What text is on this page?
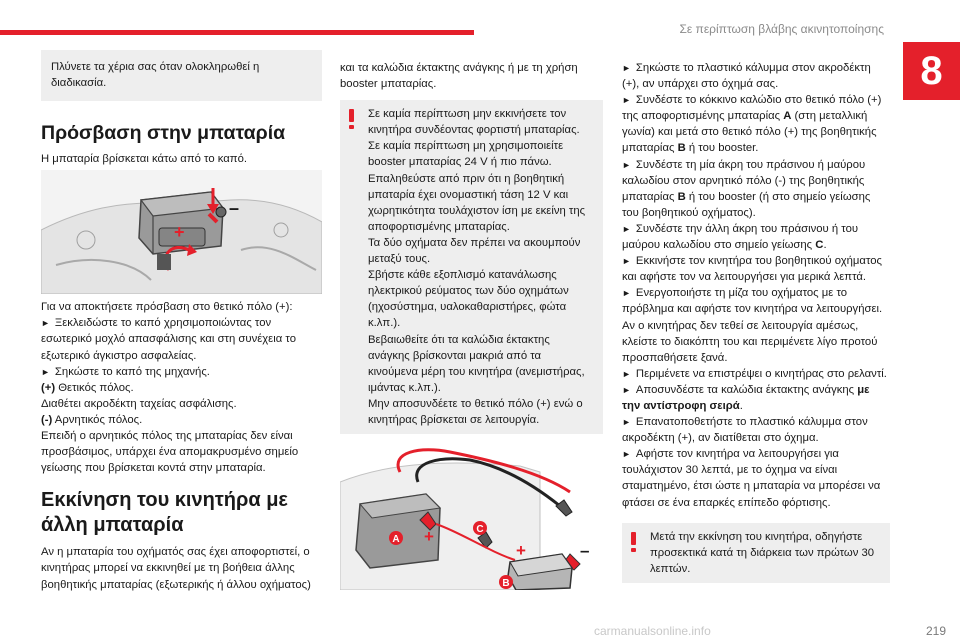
Σε περίπτωση βλάβης ακινητοποίησης
8

Πλύνετε τα χέρια σας όταν ολοκληρωθεί η διαδικασία.

Πρόσβαση στην μπαταρία

Η μπαταρία βρίσκεται κάτω από το καπό.

+
–

Για να αποκτήσετε πρόσβαση στο θετικό πόλο (+):

► Ξεκλειδώστε το καπό χρησιμοποιώντας τον εσωτερικό μοχλό απασφάλισης και στη συνέχεια το εξωτερικό άγκιστρο ασφαλείας.

► Σηκώστε το καπό της μηχανής.

(+) Θετικός πόλος.

Διαθέτει ακροδέκτη ταχείας ασφάλισης.

(-) Αρνητικός πόλος.

Επειδή ο αρνητικός πόλος της μπαταρίας δεν είναι προσβάσιμος, υπάρχει ένα απομακρυσμένο σημείο γείωσης που βρίσκεται κοντά στην μπαταρία.

Εκκίνηση του κινητήρα με άλλη μπαταρία

Αν η μπαταρία του οχήματός σας έχει αποφορτιστεί, ο κινητήρας μπορεί να εκκινηθεί με τη βοήθεια άλλης βοηθητικής μπαταρίας (εξωτερικής ή άλλου οχήματος)

και τα καλώδια έκτακτης ανάγκης ή με τη χρήση booster μπαταρίας.

Σε καμία περίπτωση μην εκκινήσετε τον κινητήρα συνδέοντας φορτιστή μπαταρίας.

Σε καμία περίπτωση μη χρησιμοποιείτε booster μπαταρίας 24 V ή πιο πάνω.

Επαληθεύστε από πριν ότι η βοηθητική μπαταρία έχει ονομαστική τάση 12 V και χωρητικότητα τουλάχιστον ίση με εκείνη της αποφορτισμένης μπαταρίας.

Τα δύο οχήματα δεν πρέπει να ακουμπούν μεταξύ τους.

Σβήστε κάθε εξοπλισμό κατανάλωσης ηλεκτρικού ρεύματος των δύο οχημάτων (ηχοσύστημα, υαλοκαθαριστήρες, φώτα κ.λπ.).

Βεβαιωθείτε ότι τα καλώδια έκτακτης ανάγκης βρίσκονται μακριά από τα κινούμενα μέρη του κινητήρα (ανεμιστήρας, ιμάντας κ.λπ.).

Μην αποσυνδέετε το θετικό πόλο (+) ενώ ο κινητήρας βρίσκεται σε λειτουργία.

+
+	–
A
C
B

► Σηκώστε το πλαστικό κάλυμμα στον ακροδέκτη (+), αν υπάρχει στο όχημά σας.

► Συνδέστε το κόκκινο καλώδιο στο θετικό πόλο (+) της αποφορτισμένης μπαταρίας A (στη μεταλλική γωνία) και μετά στο θετικό πόλο (+) της βοηθητικής μπαταρίας B ή του booster.

► Συνδέστε τη μία άκρη του πράσινου ή μαύρου καλωδίου στον αρνητικό πόλο (-) της βοηθητικής μπαταρίας B ή του booster (ή στο σημείο γείωσης του βοηθητικού οχήματος).

► Συνδέστε την άλλη άκρη του πράσινου ή του μαύρου καλωδίου στο σημείο γείωσης C.

► Εκκινήστε τον κινητήρα του βοηθητικού οχήματος και αφήστε τον να λειτουργήσει για μερικά λεπτά.

► Ενεργοποιήστε τη μίζα του οχήματος με το πρόβλημα και αφήστε τον κινητήρα να λειτουργήσει.

Αν ο κινητήρας δεν τεθεί σε λειτουργία αμέσως, κλείστε το διακόπτη του και περιμένετε λίγο προτού προσπαθήσετε ξανά.

► Περιμένετε να επιστρέψει ο κινητήρας στο ρελαντί.

► Αποσυνδέστε τα καλώδια έκτακτης ανάγκης με την αντίστροφη σειρά.

► Επανατοποθετήστε το πλαστικό κάλυμμα στον ακροδέκτη (+), αν διατίθεται στο όχημα.

► Αφήστε τον κινητήρα να λειτουργήσει για τουλάχιστον 30 λεπτά, με το όχημα να είναι σταματημένο, έτσι ώστε η μπαταρία να μπορέσει να φτάσει σε ένα επαρκές επίπεδο φόρτισης.

Μετά την εκκίνηση του κινητήρα, οδηγήστε προσεκτικά κατά τη διάρκεια των πρώτων 30 λεπτών.

carmanualsonline.info	219
